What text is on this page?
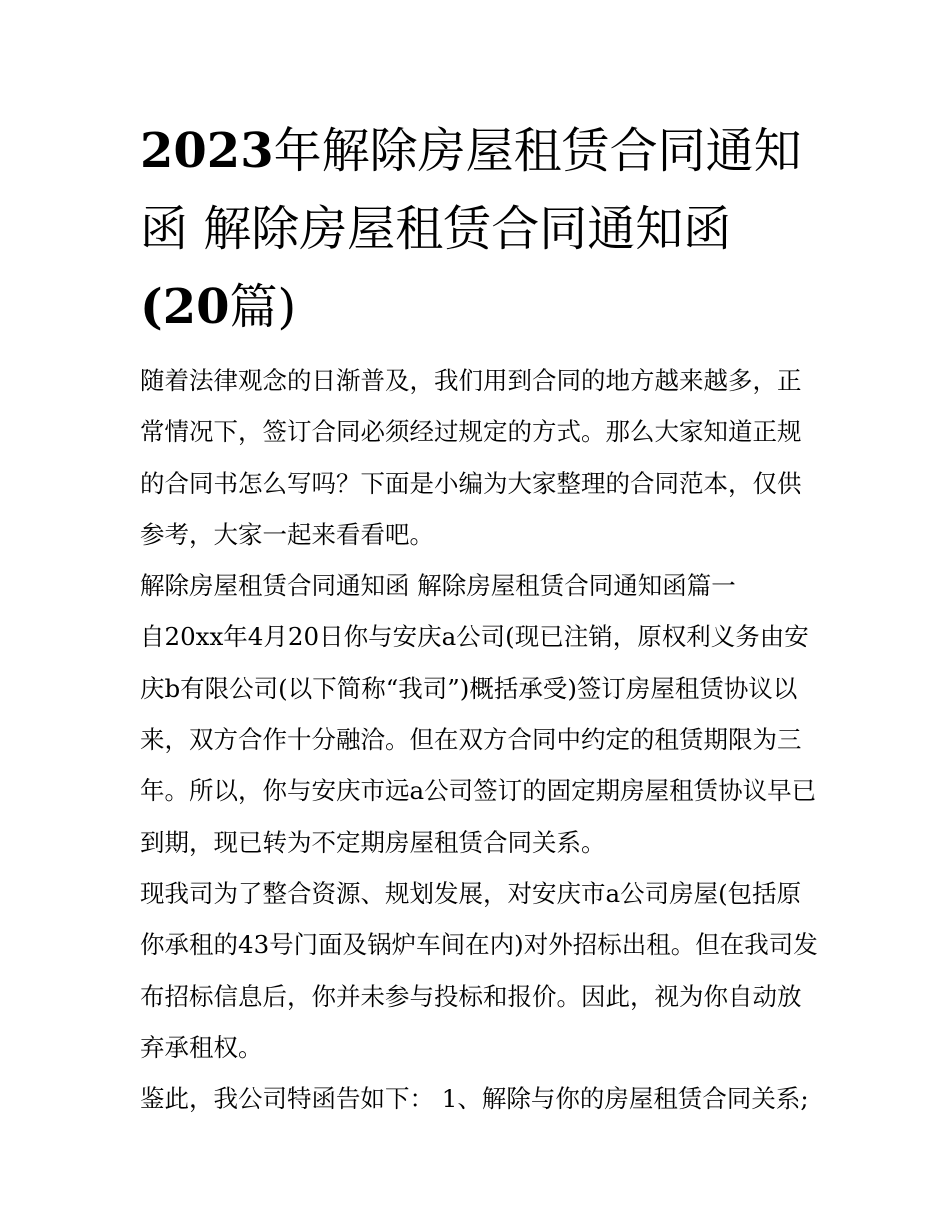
2023年解除房屋租赁合同通知
函 解除房屋租赁合同通知函
(20篇)

随着法律观念的日渐普及，我们用到合同的地方越来越多，正常情况下，签订合同必须经过规定的方式。那么大家知道正规的合同书怎么写吗？下面是小编为大家整理的合同范本，仅供参考，大家一起来看看吧。

解除房屋租赁合同通知函 解除房屋租赁合同通知函篇一

自20xx年4月20日你与安庆a公司(现已注销，原权利义务由安庆b有限公司(以下简称“我司”)概括承受)签订房屋租赁协议以来，双方合作十分融洽。但在双方合同中约定的租赁期限为三年。所以，你与安庆市远a公司签订的固定期房屋租赁协议早已到期，现已转为不定期房屋租赁合同关系。

现我司为了整合资源、规划发展，对安庆市a公司房屋(包括原你承租的43号门面及锅炉车间在内)对外招标出租。但在我司发布招标信息后，你并未参与投标和报价。因此，视为你自动放弃承租权。

鉴此，我公司特函告如下： 1、解除与你的房屋租赁合同关系;
